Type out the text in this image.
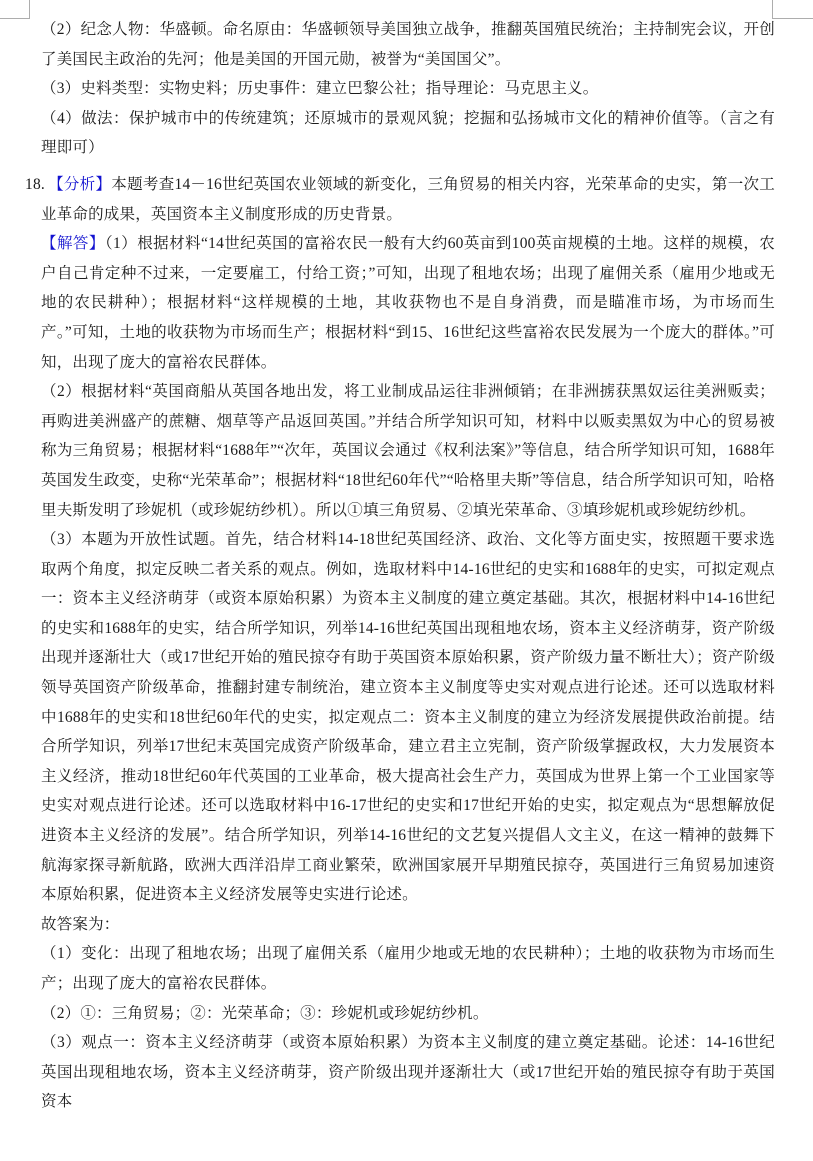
（2）纪念人物：华盛顿。命名原由：华盛顿领导美国独立战争，推翻英国殖民统治；主持制宪会议，开创了美国民主政治的先河；他是美国的开国元勋，被誉为“美国国父”。

（3）史料类型：实物史料；历史事件：建立巴黎公社；指导理论：马克思主义。

（4）做法：保护城市中的传统建筑；还原城市的景观风貌；挖掘和弘扬城市文化的精神价值等。（言之有理即可）

18. 【分析】本题考查14－16世纪英国农业领域的新变化，三角贸易的相关内容，光荣革命的史实，第一次工业革命的成果，英国资本主义制度形成的历史背景。

【解答】（1）根据材料“14世纪英国的富裕农民一般有大约60英亩到100英亩规模的土地。这样的规模，农户自己肯定种不过来，一定要雇工，付给工资；”可知，出现了租地农场；出现了雇佣关系（雇用少地或无地的农民耕种）；根据材料“这样规模的土地，其收获物也不是自身消费，而是瞄准市场，为市场而生产。”可知，土地的收获物为市场而生产；根据材料“到15、16世纪这些富裕农民发展为一个庞大的群体。”可知，出现了庞大的富裕农民群体。

（2）根据材料“英国商船从英国各地出发，将工业制成品运往非洲倾销；在非洲掳获黑奴运往美洲贩卖；再购进美洲盛产的蔗糖、烟草等产品返回英国。”并结合所学知识可知，材料中以贩卖黑奴为中心的贸易被称为三角贸易；根据材料“1688年”“次年，英国议会通过《权利法案》”等信息，结合所学知识可知，1688年英国发生政变，史称“光荣革命”；根据材料“18世纪60年代”“哈格里夫斯”等信息，结合所学知识可知，哈格里夫斯发明了珍妮机（或珍妮纺纱机）。所以①填三角贸易、②填光荣革命、③填珍妮机或珍妮纺纱机。

（3）本题为开放性试题。首先，结合材料14-18世纪英国经济、政治、文化等方面史实，按照题干要求选取两个角度，拟定反映二者关系的观点。例如，选取材料中14-16世纪的史实和1688年的史实，可拟定观点一：资本主义经济萌芽（或资本原始积累）为资本主义制度的建立奠定基础。其次，根据材料中14-16世纪的史实和1688年的史实，结合所学知识，列举14-16世纪英国出现租地农场，资本主义经济萌芽，资产阶级出现并逐渐壮大（或17世纪开始的殖民掠夺有助于英国资本原始积累，资产阶级力量不断壮大）；资产阶级领导英国资产阶级革命，推翻封建专制统治，建立资本主义制度等史实对观点进行论述。还可以选取材料中1688年的史实和18世纪60年代的史实，拟定观点二：资本主义制度的建立为经济发展提供政治前提。结合所学知识，列举17世纪末英国完成资产阶级革命，建立君主立宪制，资产阶级掌握政权，大力发展资本主义经济，推动18世纪60年代英国的工业革命，极大提高社会生产力，英国成为世界上第一个工业国家等史实对观点进行论述。还可以选取材料中16-17世纪的史实和17世纪开始的史实，拟定观点为“思想解放促进资本主义经济的发展”。结合所学知识，列举14-16世纪的文艺复兴提倡人文主义，在这一精神的鼓舞下航海家探寻新航路，欧洲大西洋沿岸工商业繁荣，欧洲国家展开早期殖民掠夺，英国进行三角贸易加速资本原始积累，促进资本主义经济发展等史实进行论述。

故答案为：

（1）变化：出现了租地农场；出现了雇佣关系（雇用少地或无地的农民耕种）；土地的收获物为市场而生产；出现了庞大的富裕农民群体。

（2）①：三角贸易；②：光荣革命；③：珍妮机或珍妮纺纱机。

（3）观点一：资本主义经济萌芽（或资本原始积累）为资本主义制度的建立奠定基础。论述：14-16世纪英国出现租地农场，资本主义经济萌芽，资产阶级出现并逐渐壮大（或17世纪开始的殖民掠夺有助于英国资本
